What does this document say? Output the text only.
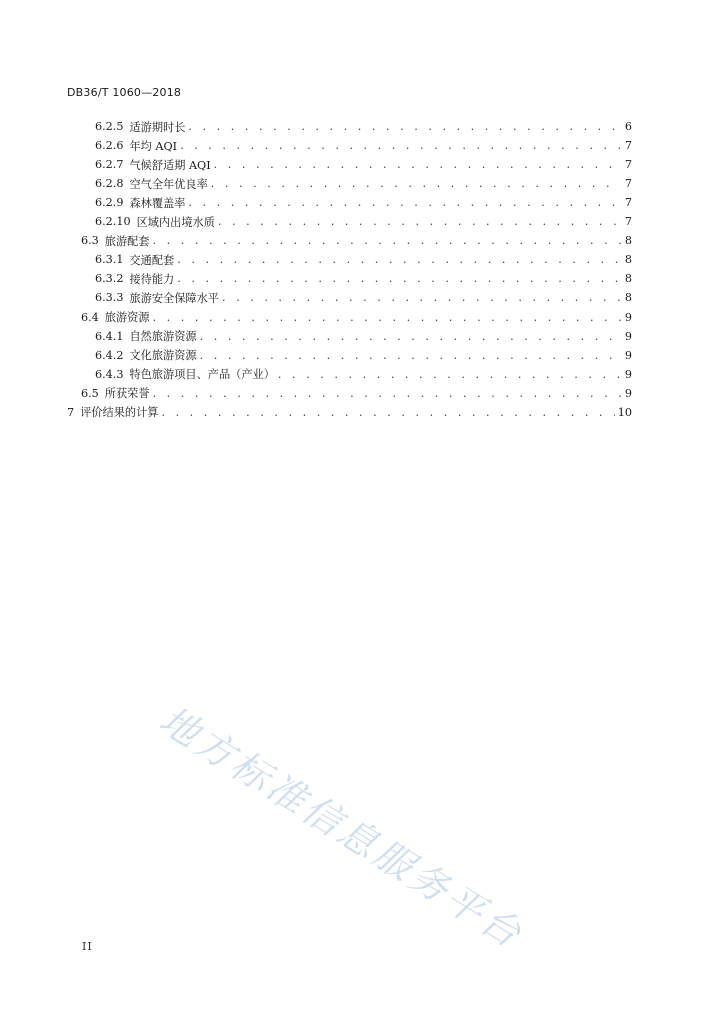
DB36/T 1060—2018
6.2.5 适游期时长 . . .	6
6.2.6 年均 AQI . . .	7
6.2.7 气候舒适期 AQI . . .	7
6.2.8 空气全年优良率 . . .	7
6.2.9 森林覆盖率 . . .	7
6.2.10 区域内出境水质 . . .	7
6.3 旅游配套 . . .	8
6.3.1 交通配套 . . .	8
6.3.2 接待能力 . . .	8
6.3.3 旅游安全保障水平 . . .	8
6.4 旅游资源 . . .	9
6.4.1 自然旅游资源 . . .	9
6.4.2 文化旅游资源 . . .	9
6.4.3 特色旅游项目、产品（产业） . . .	9
6.5 所获荣誉 . . .	9
7 评价结果的计算 . . .	10
地方标准信息服务平台
II
